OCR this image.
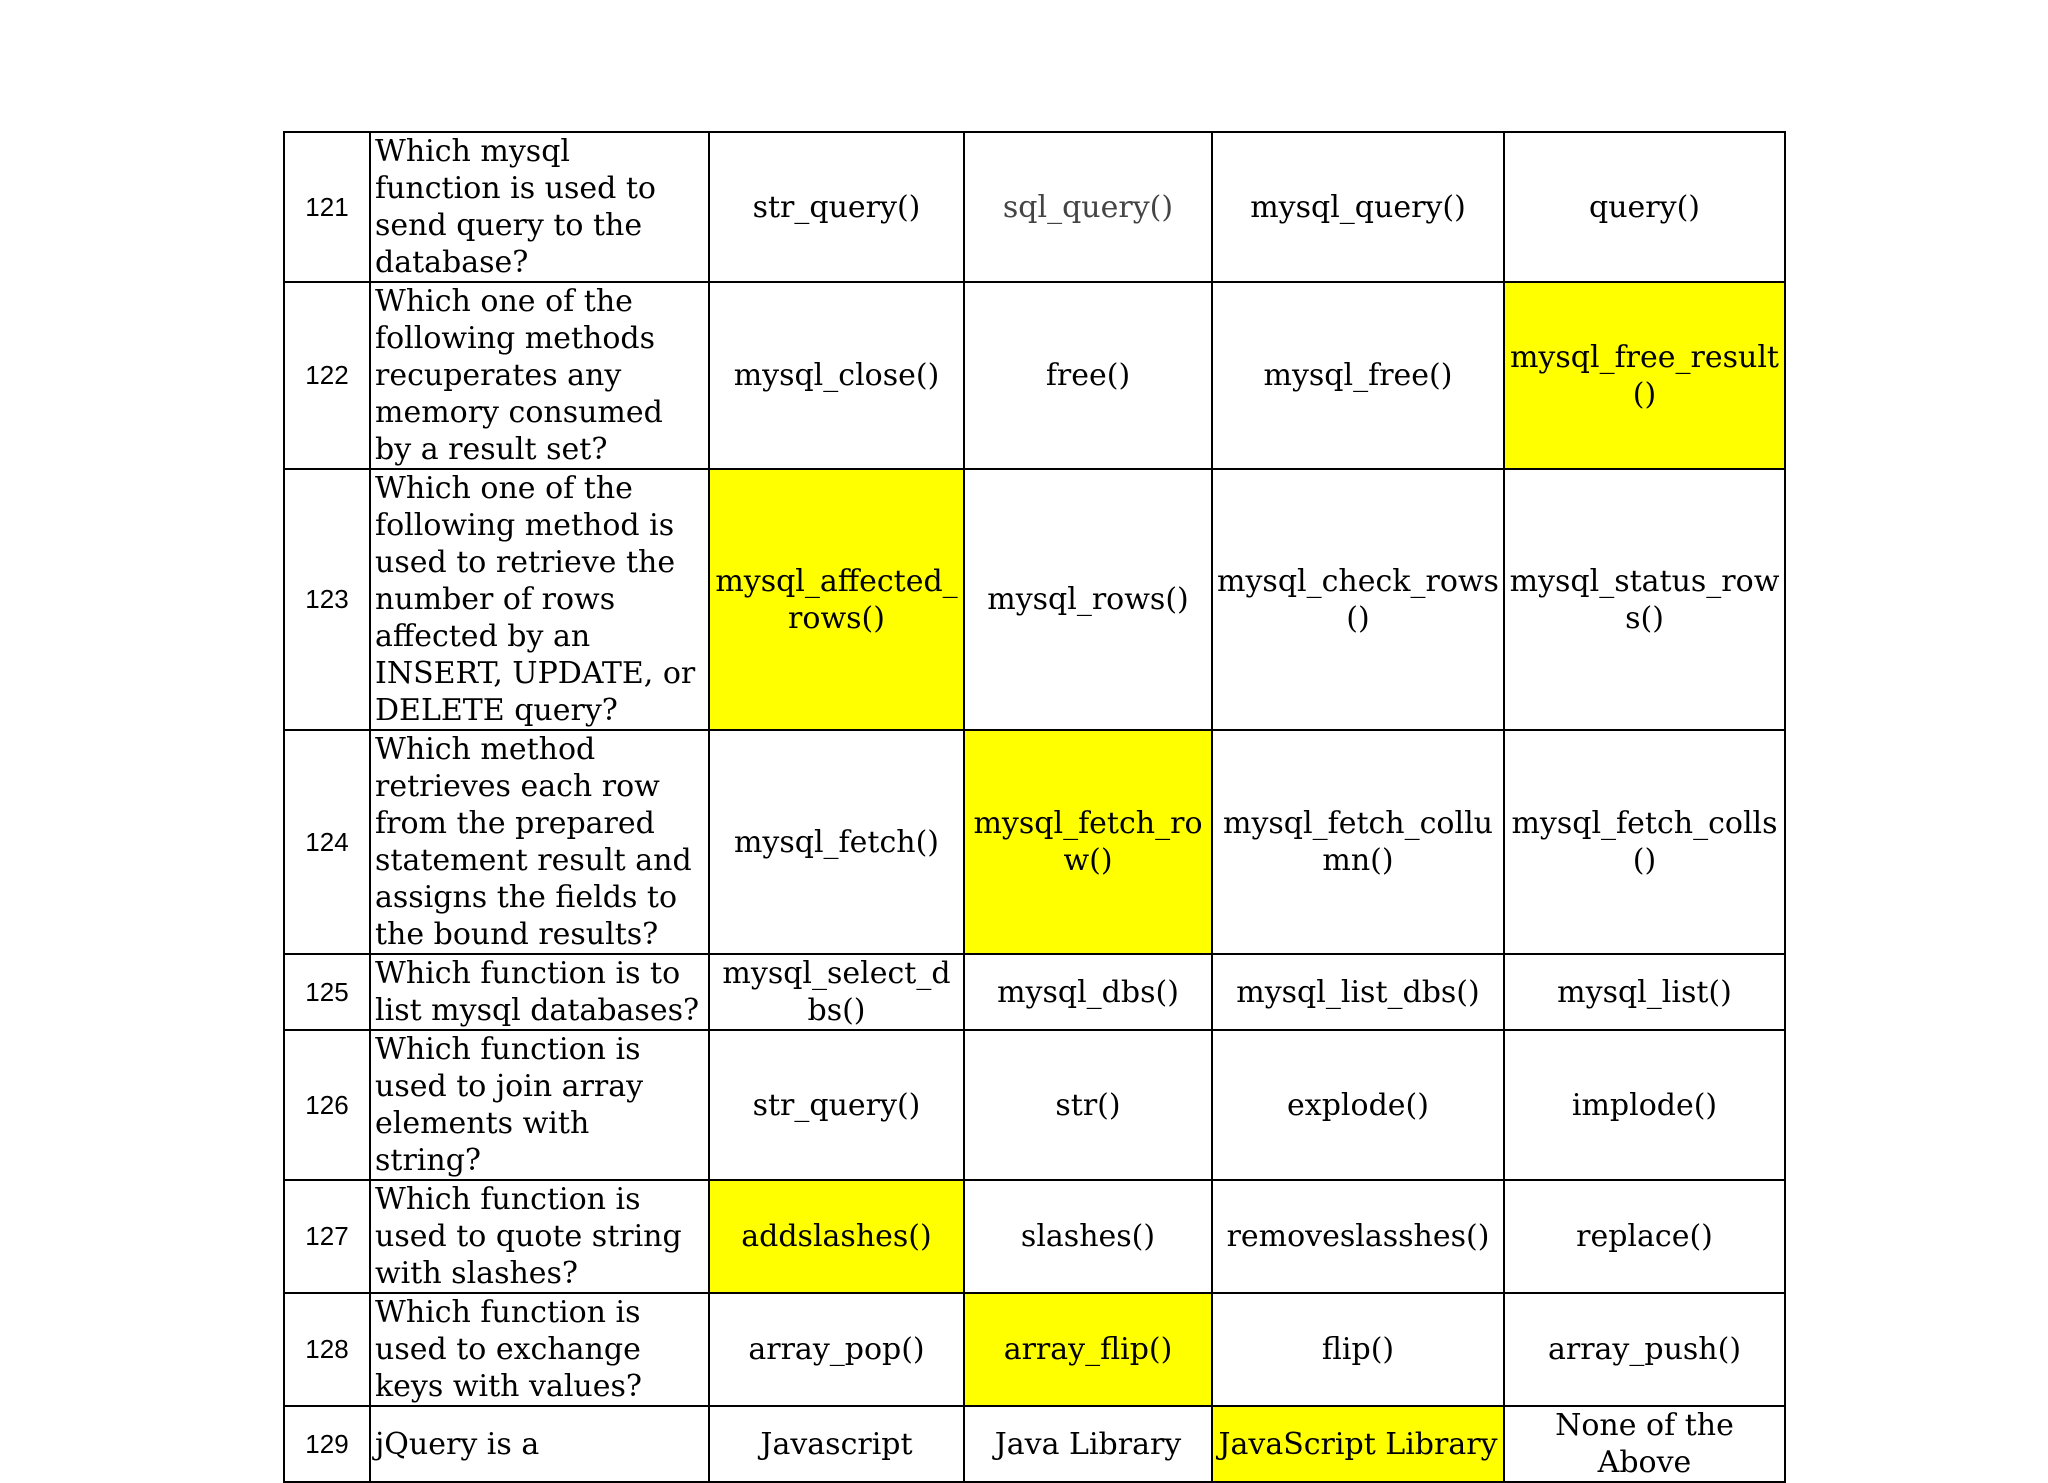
121	Which mysql function is used to send query to the database?	str_query()	sql_query()	mysql_query()	query()
122	Which one of the following methods recuperates any memory consumed by a result set?	mysql_close()	free()	mysql_free()	mysql_free_result()
123	Which one of the following method is used to retrieve the number of rows affected by an INSERT, UPDATE, or DELETE query?	mysql_affected_rows()	mysql_rows()	mysql_check_rows()	mysql_status_rows()
124	Which method retrieves each row from the prepared statement result and assigns the fields to the bound results?	mysql_fetch()	mysql_fetch_row()	mysql_fetch_collumn()	mysql_fetch_colls()
125	Which function is to list mysql databases?	mysql_select_dbs()	mysql_dbs()	mysql_list_dbs()	mysql_list()
126	Which function is used to join array elements with string?	str_query()	str()	explode()	implode()
127	Which function is used to quote string with slashes?	addslashes()	slashes()	removeslasshes()	replace()
128	Which function is used to exchange keys with values?	array_pop()	array_flip()	flip()	array_push()
129	jQuery is a	Javascript	Java Library	JavaScript Library	None of the Above
